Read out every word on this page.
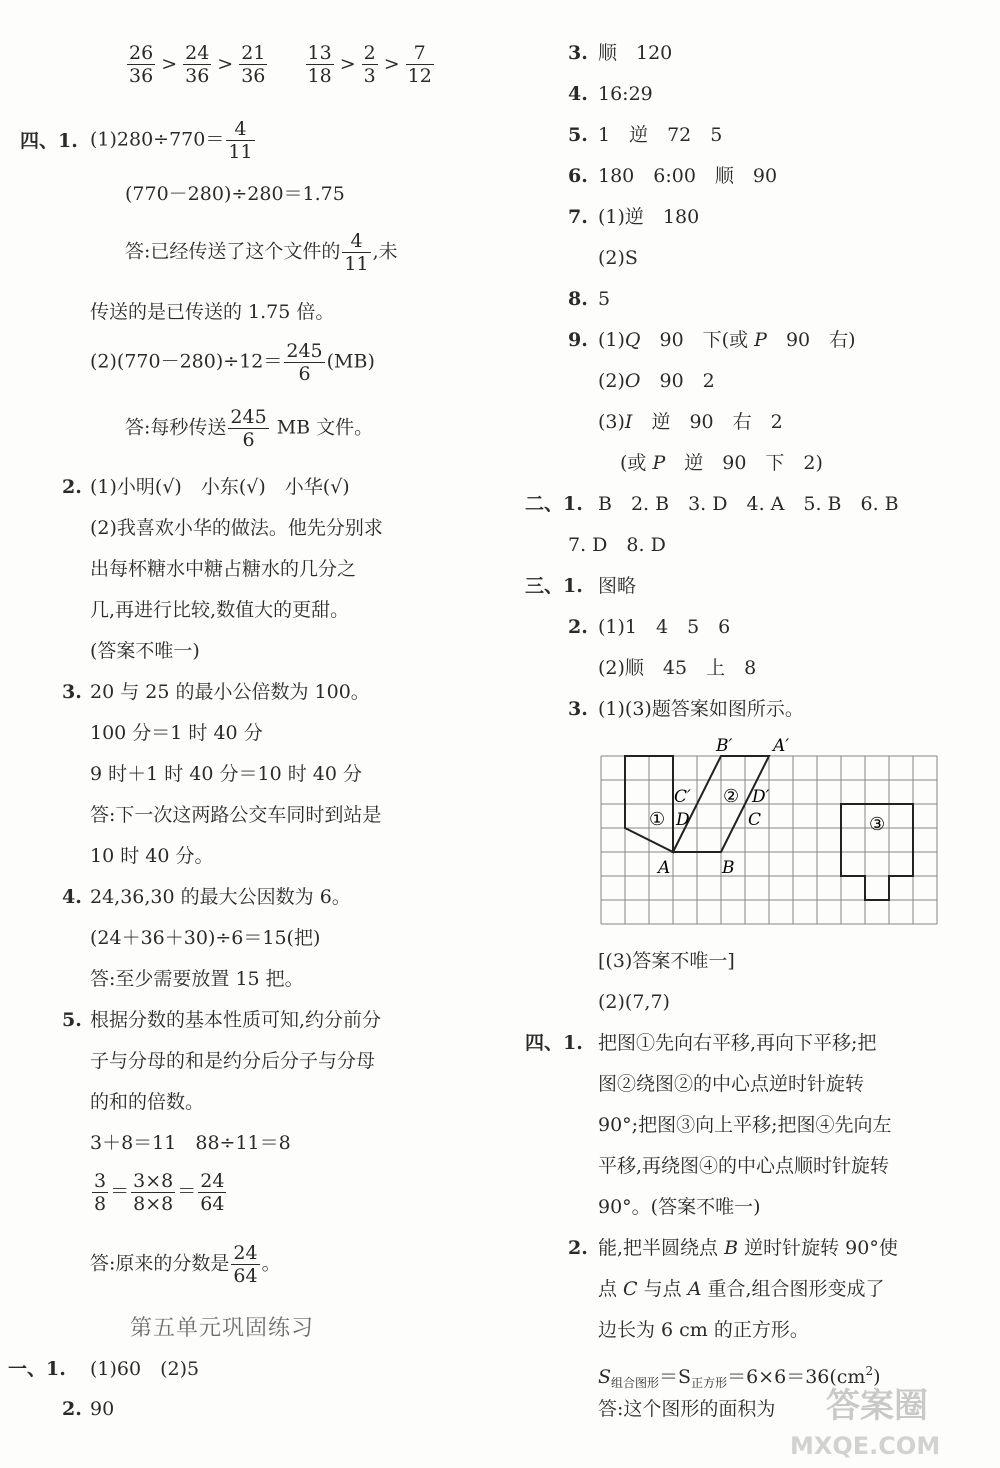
$\frac{26}{36} > \frac{24}{36} > \frac{21}{36}$
$\frac{13}{18} > \frac{2}{3} > \frac{7}{12}$
四、1. $(1)280\div 770= \frac{4}{11}$
(770－280)÷280＝1.75
答:已经传送了这个文件的 $\frac{4}{11}$ ,未
传送的是已传送的 1.75 倍。
$(2)(770-280)\div 12= \frac{245}{6} (MB)$
答:每秒传送 $\frac{245}{6}$ MB 文件。
2. (1)小明(√)　小东(√)　小华(√)
(2)我喜欢小华的做法。他先分别求
出每杯糖水中糖占糖水的几分之
几,再进行比较,数值大的更甜。
(答案不唯一)
3. 20 与 25 的最小公倍数为 100。
100 分＝1 时 40 分
9 时＋1 时 40 分＝10 时 40 分
答:下一次这两路公交车同时到站是
10 时 40 分。
4. 24,36,30 的最大公因数为 6。
(24＋36＋30)÷6＝15(把)
答:至少需要放置 15 把。
5. 根据分数的基本性质可知,约分前分
子与分母的和是约分后分子与分母
的和的倍数。
3＋8＝11　88÷11＝8
$\frac{3}{8} = \frac{3\times 8}{8\times 8} = \frac{24}{64}$
答:原来的分数是 $\frac{24}{64}$ 。
第五单元巩固练习
一、1. (1)60　(2)5
2. 90
3. 顺　120
4. 16:29
5. 1　逆　72　5
6. 180　6:00　顺　90
7. (1)逆　180
(2)S
8. 5
9. (1)Q　90　下(或 P　90　右)
(2)O　90　2
(3)I　逆　90　右　2
(或 P　逆　90　下　2)
二、1. B　2. B　3. D　4. A　5. B　6. B
7. D　8. D
三、1. 图略
2. (1)1　4　5　6
(2)顺　45　上　8
3. (1)(3)题答案如图所示。
A	B
C
D
A′
B′
C′	D′
①
②
③
[(3)答案不唯一]
(2)(7,7)
四、1. 把图①先向右平移,再向下平移;把
图②绕图②的中心点逆时针旋转
90°;把图③向上平移;把图④先向左
平移,再绕图④的中心点顺时针旋转
90°。(答案不唯一)
2. 能,把半圆绕点 B 逆时针旋转 90°使
点 C 与点 A 重合,组合图形变成了
边长为 6 cm 的正方形。
$S_{组合图形}=S_{正方形}=6\times 6=36(cm^2)$
答:这个图形的面积为 答案圈
MXQE.COM
